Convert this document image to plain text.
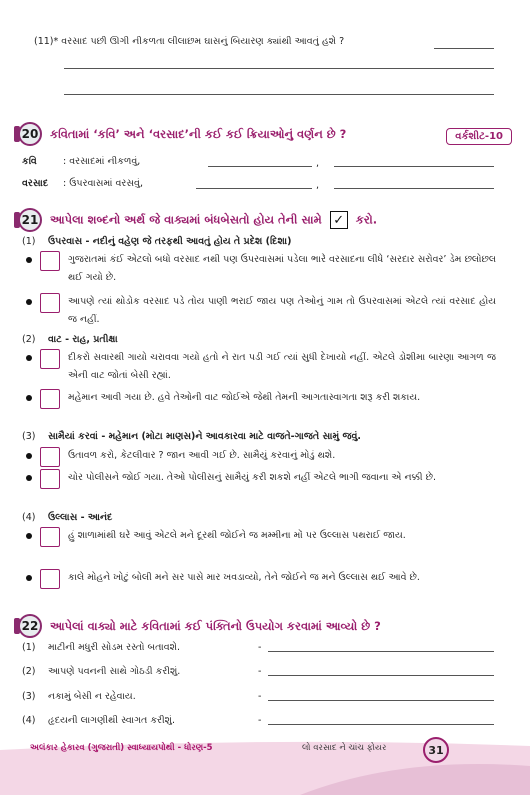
(11)* વરસાદ પછી ઊગી નીકળતા લીલાછમ ઘાસનું બિયારણ ક્યાંથી આવતું હશે ?
20	કવિતામાં ‘કવિ’ અને ‘વરસાદ’ની કઈ કઈ ક્રિયાઓનું વર્ણન છે ?	વર્કશીટ-10
કવિ	: વરસાદમાં નીકળવું,	,
વરસાદ : ઉપરવાસમાં વરસવું,	,
21	આપેલા શબ્દનો અર્થ જે વાક્યમાં બંધબેસતો હોય તેની સામે ✓ કરો.
(1) ઉપરવાસ - નદીનું વહેણ જે તરફથી આવતું હોય તે પ્રદેશ (દિશા)
ગુજરાતમાં કંઈ એટલો બધો વરસાદ નથી પણ ઉપરવાસમાં પડેલા ભારે વરસાદના લીધે ‘સરદાર સરોવર’ ડેમ છલોછલ થઈ ગયો છે.
આપણે ત્યાં થોડોક વરસાદ પડે તોય પાણી ભરાઈ જાય પણ તેઓનું ગામ તો ઉપરવાસમાં એટલે ત્યાં વરસાદ હોય જ નહીં.
(2) વાટ - રાહ, પ્રતીક્ષા
દીકરો સવારથી ગાયો ચરાવવા ગયો હતો ને રાત પડી ગઈ ત્યાં સુધી દેખાયો નહીં. એટલે ડોશીમા બારણા આગળ જ એની વાટ જોતાં બેસી રહ્યાં.
મહેમાન આવી ગયા છે. હવે તેઓની વાટ જોઈએ જેથી તેમની આગતાસ્વાગતા શરૂ કરી શકાય.
(3) સામૈયાં કરવાં - મહેમાન (મોટા માણસ)ને આવકારવા માટે વાજતે-ગાજતે સામું જવું.
ઉતાવળ કરો, કેટલીવાર ? જાન આવી ગઈ છે. સામૈયું કરવાનું મોડું થશે.
ચોર પોલીસને જોઈ ગયા. તેઓ પોલીસનું સામૈયું કરી શકશે નહીં એટલે ભાગી જવાના એ નક્કી છે.
(4) ઉલ્લાસ - આનંદ
હું શાળામાંથી ઘરે આવું એટલે મને દૂરથી જોઈને જ મમ્મીના મોં પર ઉલ્લાસ પથરાઈ જાય.
કાલે મોહને ખોટું બોલી મને સર પાસે માર ખવડાવ્યો, તેને જોઈને જ મને ઉલ્લાસ થઈ આવે છે.
22	આપેલાં વાક્યો માટે કવિતામાં કઈ પંક્તિનો ઉપયોગ કરવામાં આવ્યો છે ?
(1) માટીની મધુરી સોડમ રસ્તો બતાવશે.	-
(2) આપણે પવનની સાથે ગોઠડી કરીશું.	-
(3) નકામું બેસી ન રહેવાય.	-
(4) હૃદયની લાગણીથી સ્વાગત કરીશું.	-
અલંકાર હેકારવ (ગુજરાતી) સ્વાધ્યાયપોથી - ધોરણ-5	લો વરસાદ ને ચાંચ ફોયર	31
